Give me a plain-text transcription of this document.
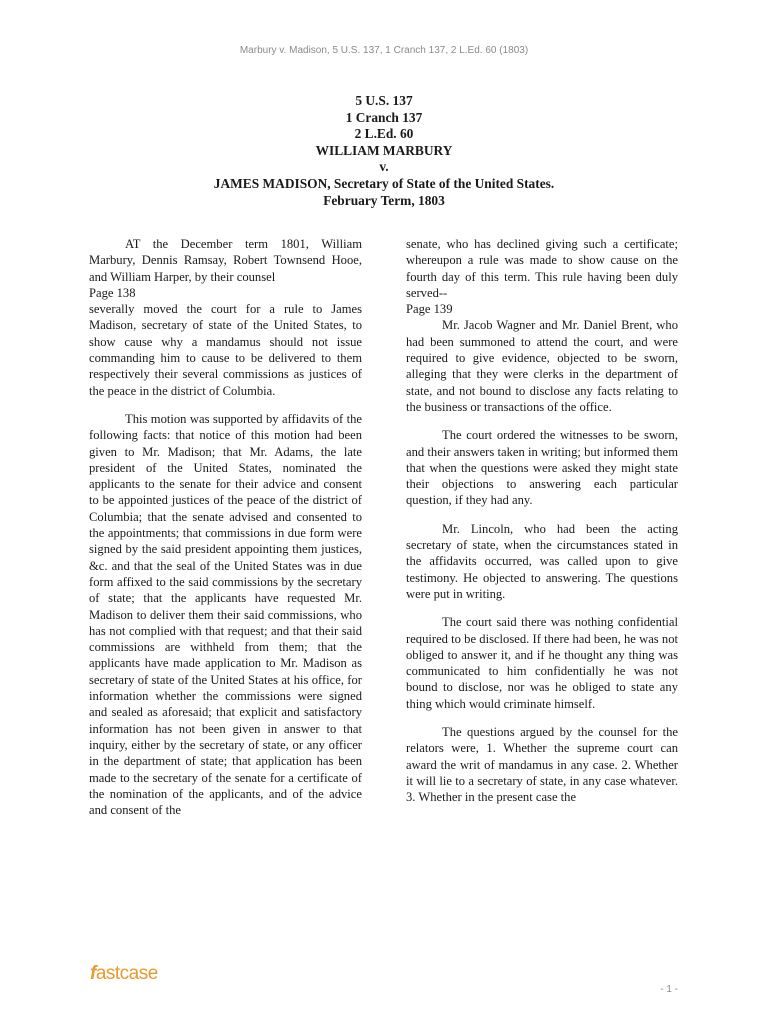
Marbury v. Madison, 5 U.S. 137, 1 Cranch 137, 2 L.Ed. 60 (1803)
5 U.S. 137
1 Cranch 137
2 L.Ed. 60
WILLIAM MARBURY
v.
JAMES MADISON, Secretary of State of the United States.
February Term, 1803

AT the December term 1801, William Marbury, Dennis Ramsay, Robert Townsend Hooe, and William Harper, by their counsel

Page 138

severally moved the court for a rule to James Madison, secretary of state of the United States, to show cause why a mandamus should not issue commanding him to cause to be delivered to them respectively their several commissions as justices of the peace in the district of Columbia.

This motion was supported by affidavits of the following facts: that notice of this motion had been given to Mr. Madison; that Mr. Adams, the late president of the United States, nominated the applicants to the senate for their advice and consent to be appointed justices of the peace of the district of Columbia; that the senate advised and consented to the appointments; that commissions in due form were signed by the said president appointing them justices, &c. and that the seal of the United States was in due form affixed to the said commissions by the secretary of state; that the applicants have requested Mr. Madison to deliver them their said commissions, who has not complied with that request; and that their said commissions are withheld from them; that the applicants have made application to Mr. Madison as secretary of state of the United States at his office, for information whether the commissions were signed and sealed as aforesaid; that explicit and satisfactory information has not been given in answer to that inquiry, either by the secretary of state, or any officer in the department of state; that application has been made to the secretary of the senate for a certificate of the nomination of the applicants, and of the advice and consent of the

senate, who has declined giving such a certificate; whereupon a rule was made to show cause on the fourth day of this term. This rule having been duly served--

Page 139

Mr. Jacob Wagner and Mr. Daniel Brent, who had been summoned to attend the court, and were required to give evidence, objected to be sworn, alleging that they were clerks in the department of state, and not bound to disclose any facts relating to the business or transactions of the office.

The court ordered the witnesses to be sworn, and their answers taken in writing; but informed them that when the questions were asked they might state their objections to answering each particular question, if they had any.

Mr. Lincoln, who had been the acting secretary of state, when the circumstances stated in the affidavits occurred, was called upon to give testimony. He objected to answering. The questions were put in writing.

The court said there was nothing confidential required to be disclosed. If there had been, he was not obliged to answer it, and if he thought any thing was communicated to him confidentially he was not bound to disclose, nor was he obliged to state any thing which would criminate himself.

The questions argued by the counsel for the relators were, 1. Whether the supreme court can award the writ of mandamus in any case. 2. Whether it will lie to a secretary of state, in any case whatever. 3. Whether in the present case the

fastcase
- 1 -
